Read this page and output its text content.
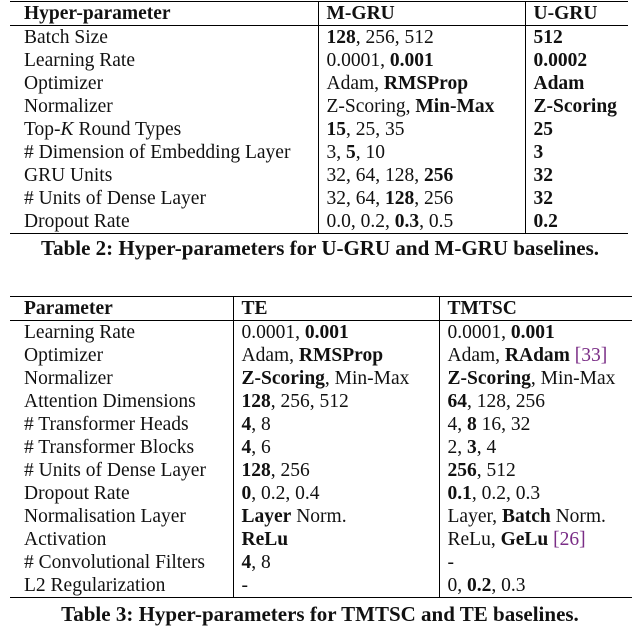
Hyper-parameter	M-GRU	U-GRU
Batch Size	128, 256, 512	512
Learning Rate	0.0001, 0.001	0.0002
Optimizer	Adam, RMSProp	Adam
Normalizer	Z-Scoring, Min-Max	Z-Scoring
Top-K Round Types	15, 25, 35	25
# Dimension of Embedding Layer	3, 5, 10	3
GRU Units	32, 64, 128, 256	32
# Units of Dense Layer	32, 64, 128, 256	32
Dropout Rate	0.0, 0.2, 0.3, 0.5	0.2
Table 2: Hyper-parameters for U-GRU and M-GRU baselines.
Parameter	TE	TMTSC
Learning Rate	0.0001, 0.001	0.0001, 0.001
Optimizer	Adam, RMSProp	Adam, RAdam [33]
Normalizer	Z-Scoring, Min-Max	Z-Scoring, Min-Max
Attention Dimensions	128, 256, 512	64, 128, 256
# Transformer Heads	4, 8	4, 8 16, 32
# Transformer Blocks	4, 6	2, 3, 4
# Units of Dense Layer	128, 256	256, 512
Dropout Rate	0, 0.2, 0.4	0.1, 0.2, 0.3
Normalisation Layer	Layer Norm.	Layer, Batch Norm.
Activation	ReLu	ReLu, GeLu [26]
# Convolutional Filters	4, 8	-
L2 Regularization	-	0, 0.2, 0.3
Table 3: Hyper-parameters for TMTSC and TE baselines.
